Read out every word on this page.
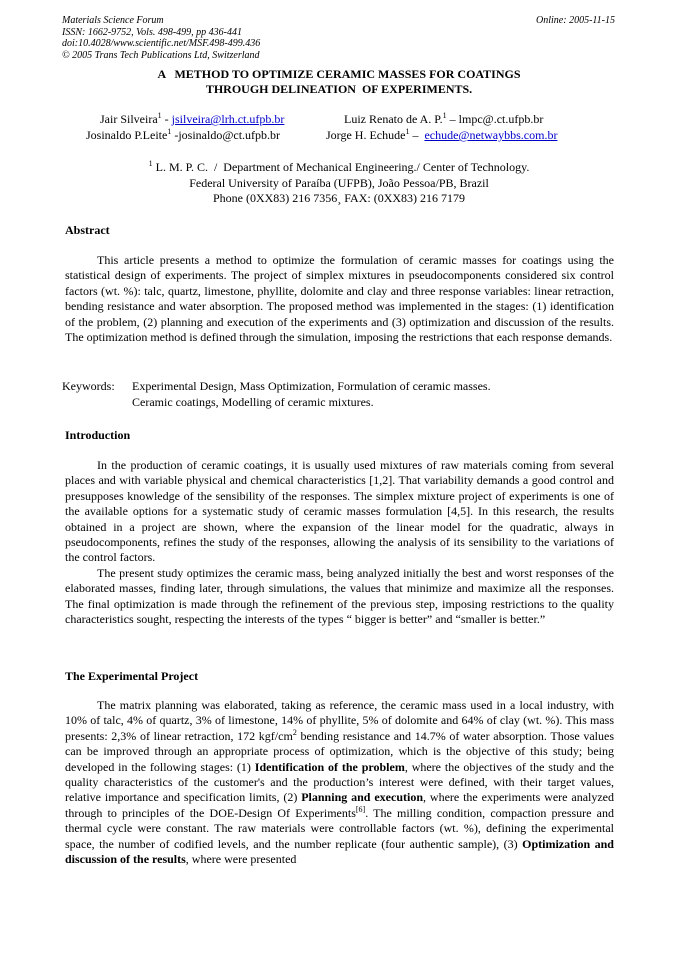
Materials Science Forum
ISSN: 1662-9752, Vols. 498-499, pp 436-441
doi:10.4028/www.scientific.net/MSF.498-499.436
© 2005 Trans Tech Publications Ltd, Switzerland
Online: 2005-11-15
A   METHOD TO OPTIMIZE CERAMIC MASSES FOR COATINGS
THROUGH DELINEATION  OF EXPERIMENTS.
Jair Silveira$^1$ - jsilveira@lrh.ct.ufpb.br	Luiz Renato de A. P.$^1$ – lmpc@.ct.ufpb.br
Josinaldo P.Leite$^1$ -josinaldo@ct.ufpb.br	Jorge H. Echude$^1$ –  echude@netwaybbs.com.br
$^1$ L. M. P. C.  /  Department of Mechanical Engineering./ Center of Technology.
Federal University of Paraíba (UFPB), João Pessoa/PB, Brazil
Phone (0XX83) 216 7356¸ FAX: (0XX83) 216 7179
Abstract
This article presents a method to optimize the formulation of ceramic masses for coatings using the statistical design of experiments. The project of simplex mixtures in pseudocomponents considered six control factors (wt. %): talc, quartz, limestone, phyllite, dolomite and clay and three response variables: linear retraction, bending resistance and water absorption. The proposed method was implemented in the stages: (1) identification of the problem, (2) planning and execution of the experiments and (3) optimization and discussion of the results. The optimization method is defined through the simulation, imposing the restrictions that each response demands.
Keywords: Experimental Design, Mass Optimization, Formulation of ceramic masses.
Ceramic coatings, Modelling of ceramic mixtures.
Introduction
In the production of ceramic coatings, it is usually used mixtures of raw materials coming from several places and with variable physical and chemical characteristics [1,2]. That variability demands a good control and presupposes knowledge of the sensibility of the responses. The simplex mixture project of experiments is one of the available options for a systematic study of ceramic masses formulation [4,5]. In this research, the results obtained in a project are shown, where the expansion of the linear model for the quadratic, always in pseudocomponents, refines the study of the responses, allowing the analysis of its sensibility to the variations of the control factors.
The present study optimizes the ceramic mass, being analyzed initially the best and worst responses of the elaborated masses, finding later, through simulations, the values that minimize and maximize all the responses. The final optimization is made through the refinement of the previous step, imposing restrictions to the quality characteristics sought, respecting the interests of the types “ bigger is better” and “smaller is better.”
The Experimental Project
The matrix planning was elaborated, taking as reference, the ceramic mass used in a local industry, with 10% of talc, 4% of quartz, 3% of limestone, 14% of phyllite, 5% of dolomite and 64% of clay (wt. %). This mass presents: 2,3% of linear retraction, 172 kgf/$cm^2$ bending resistance and 14.7% of water absorption. Those values can be improved through an appropriate process of optimization, which is the objective of this study; being developed in the following stages: (1) Identification of the problem, where the objectives of the study and the quality characteristics of the customer's and the production’s interest were defined, with their target values, relative importance and specification limits, (2) Planning and execution, where the experiments were analyzed through to principles of the DOE-Design Of Experiments[6]. The milling condition, compaction pressure and thermal cycle were constant. The raw materials were controllable factors (wt. %), defining the experimental space, the number of codified levels, and the number replicate (four authentic sample), (3) Optimization and discussion of the results, where were presented
